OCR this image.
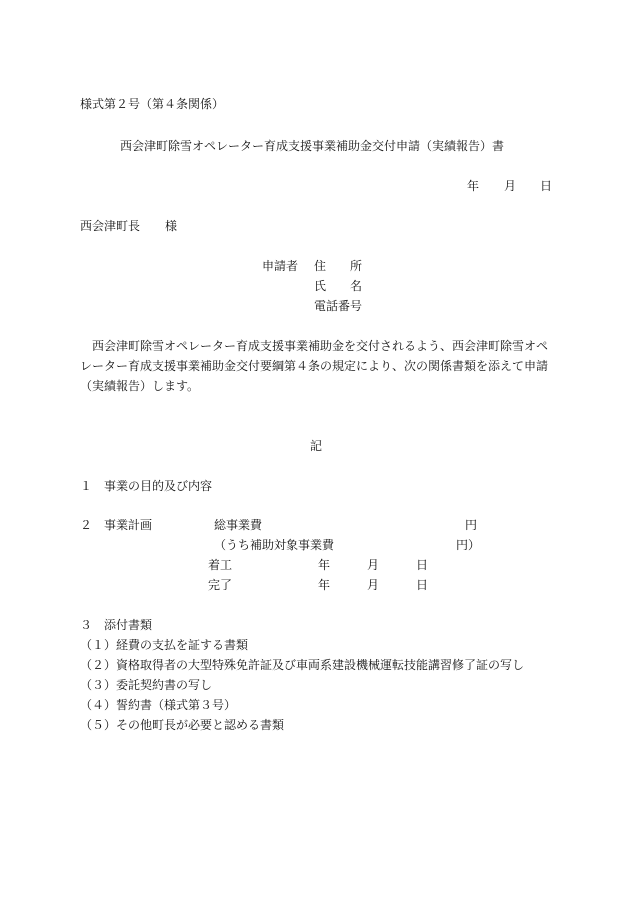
様式第２号（第４条関係）
西会津町除雪オペレーター育成支援事業補助金交付申請（実績報告）書
年 月 日
西会津町長 様
申請者 住　　所
氏　　名
電話番号
西会津町除雪オペレーター育成支援事業補助金を交付されるよう、西会津町除雪オペ
レーター育成支援事業補助金交付要綱第４条の規定により、次の関係書類を添えて申請
（実績報告）します。
記
１ 事業の目的及び内容
２ 事業計画	総事業費	円
（うち補助対象事業費	円）
着工	年	月	日
完了	年	月	日
３ 添付書類
（１）経費の支払を証する書類
（２）資格取得者の大型特殊免許証及び車両系建設機械運転技能講習修了証の写し
（３）委託契約書の写し
（４）誓約書（様式第３号）
（５）その他町長が必要と認める書類
